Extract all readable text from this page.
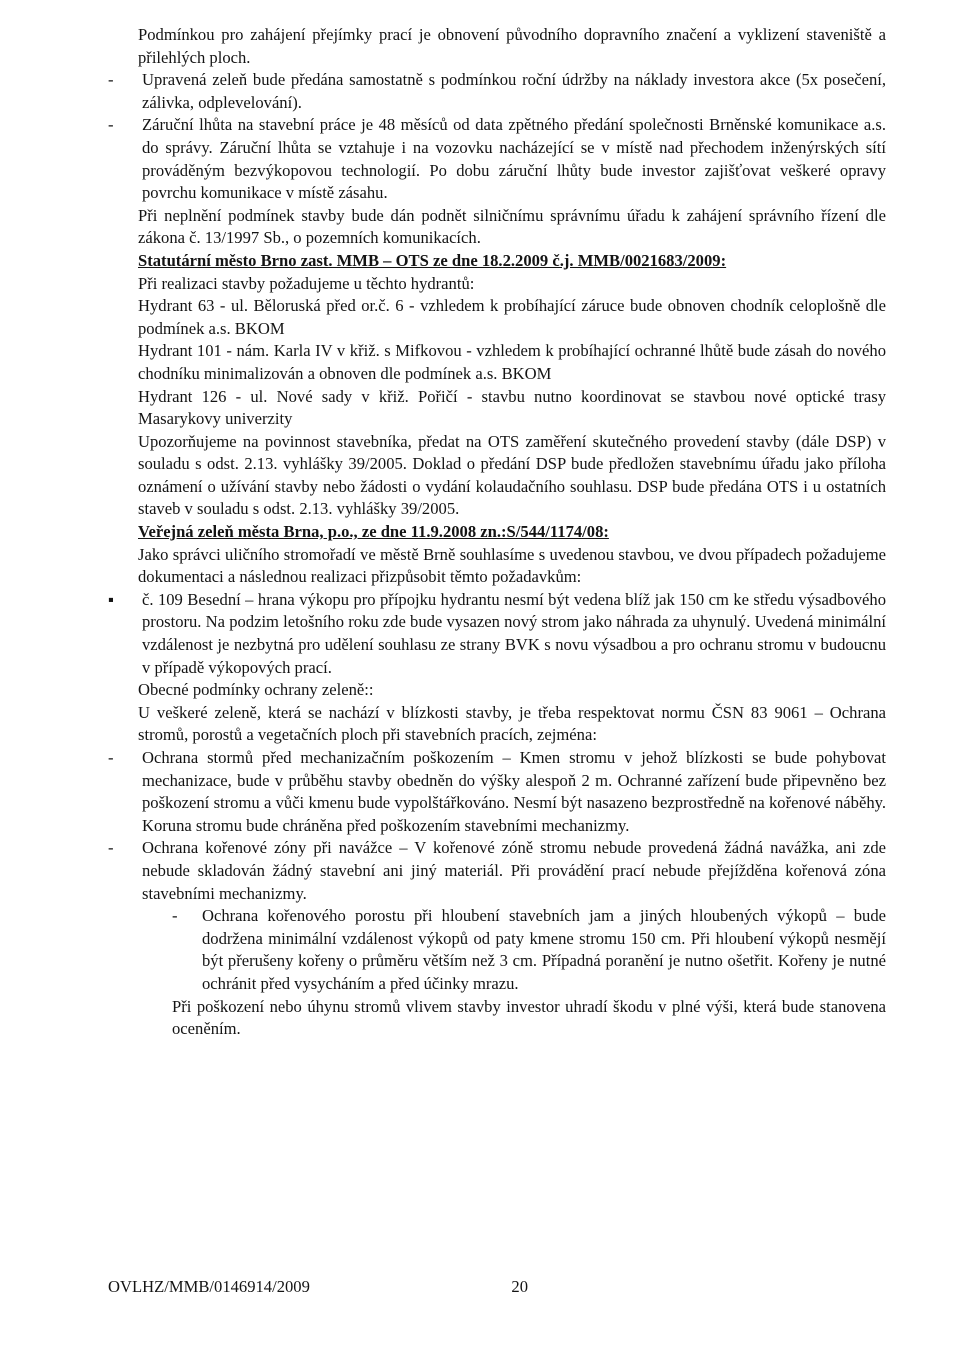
Podmínkou pro zahájení přejímky prací je obnovení původního dopravního značení a vyklizení staveniště a přilehlých ploch.

-	Upravená zeleň bude předána samostatně s podmínkou roční údržby na náklady investora akce (5x posečení, zálivka, odplevelování).
-	Záruční lhůta na stavební práce je 48 měsíců od data zpětného předání společnosti Brněnské komunikace a.s. do správy. Záruční lhůta se vztahuje i na vozovku nacházející se v místě nad přechodem inženýrských sítí prováděným bezvýkopovou technologií. Po dobu záruční lhůty bude investor zajišťovat veškeré opravy povrchu komunikace v místě zásahu.

Při neplnění podmínek stavby bude dán podnět silničnímu správnímu úřadu k zahájení správního řízení dle zákona č. 13/1997 Sb., o pozemních komunikacích.

Statutární město Brno zast. MMB – OTS ze dne 18.2.2009 č.j. MMB/0021683/2009:

Při realizaci stavby požadujeme u těchto hydrantů:

Hydrant 63 - ul. Běloruská před or.č. 6 - vzhledem k probíhající záruce bude obnoven chodník celoplošně dle podmínek a.s. BKOM

Hydrant 101 - nám. Karla IV v křiž. s Mifkovou - vzhledem k probíhající ochranné lhůtě bude zásah do nového chodníku minimalizován a obnoven dle podmínek a.s. BKOM

Hydrant 126 - ul. Nové sady v křiž. Pořičí - stavbu nutno koordinovat se stavbou nové optické trasy Masarykovy univerzity

Upozorňujeme na povinnost stavebníka, předat na OTS zaměření skutečného provedení stavby (dále DSP) v souladu s odst. 2.13. vyhlášky 39/2005. Doklad o předání DSP bude předložen stavebnímu úřadu jako příloha oznámení o užívání stavby nebo žádosti o vydání kolaudačního souhlasu. DSP bude předána OTS i u ostatních staveb v souladu s odst. 2.13. vyhlášky 39/2005.

Veřejná zeleň města Brna, p.o., ze dne 11.9.2008 zn.:S/544/1174/08:

Jako správci uličního stromořadí ve městě Brně souhlasíme s uvedenou stavbou, ve dvou případech požadujeme dokumentaci a následnou realizaci přizpůsobit těmto požadavkům:

▪	č. 109 Besední – hrana výkopu pro přípojku hydrantu nesmí být vedena blíž jak 150 cm ke středu výsadbového prostoru. Na podzim letošního roku zde bude vysazen nový strom jako náhrada za uhynulý. Uvedená minimální vzdálenost je nezbytná pro udělení souhlasu ze strany BVK s novu výsadbou a pro ochranu stromu v budoucnu v případě výkopových prací.

Obecné podmínky ochrany zeleně::

U veškeré zeleně, která se nachází v blízkosti stavby, je třeba respektovat normu ČSN 83 9061 – Ochrana stromů, porostů a vegetačních ploch při stavebních pracích, zejména:

-	Ochrana stormů před mechanizačním poškozením – Kmen stromu v jehož blízkosti se bude pohybovat mechanizace, bude v průběhu stavby obedněn do výšky alespoň 2 m. Ochranné zařízení bude připevněno bez poškození stromu a vůči kmenu bude vypolštářkováno. Nesmí být nasazeno bezprostředně na kořenové náběhy. Koruna stromu bude chráněna před poškozením stavebními mechanizmy.
-	Ochrana kořenové zóny při navážce – V kořenové zóně stromu nebude provedená žádná navážka, ani zde nebude skladován žádný stavební ani jiný materiál. Při provádění prací nebude přejížděna kořenová zóna stavebními mechanizmy.
-	Ochrana kořenového porostu při hloubení stavebních jam a jiných hloubených výkopů – bude dodržena minimální vzdálenost výkopů od paty kmene stromu 150 cm. Při hloubení výkopů nesmějí být přerušeny kořeny o průměru větším než 3 cm. Případná poranění je nutno ošetřit. Kořeny je nutné ochránit před vysycháním a před účinky mrazu.

Při poškození nebo úhynu stromů vlivem stavby investor uhradí škodu v plné výši, která bude stanovena oceněním.

OVLHZ/MMB/0146914/2009	20
